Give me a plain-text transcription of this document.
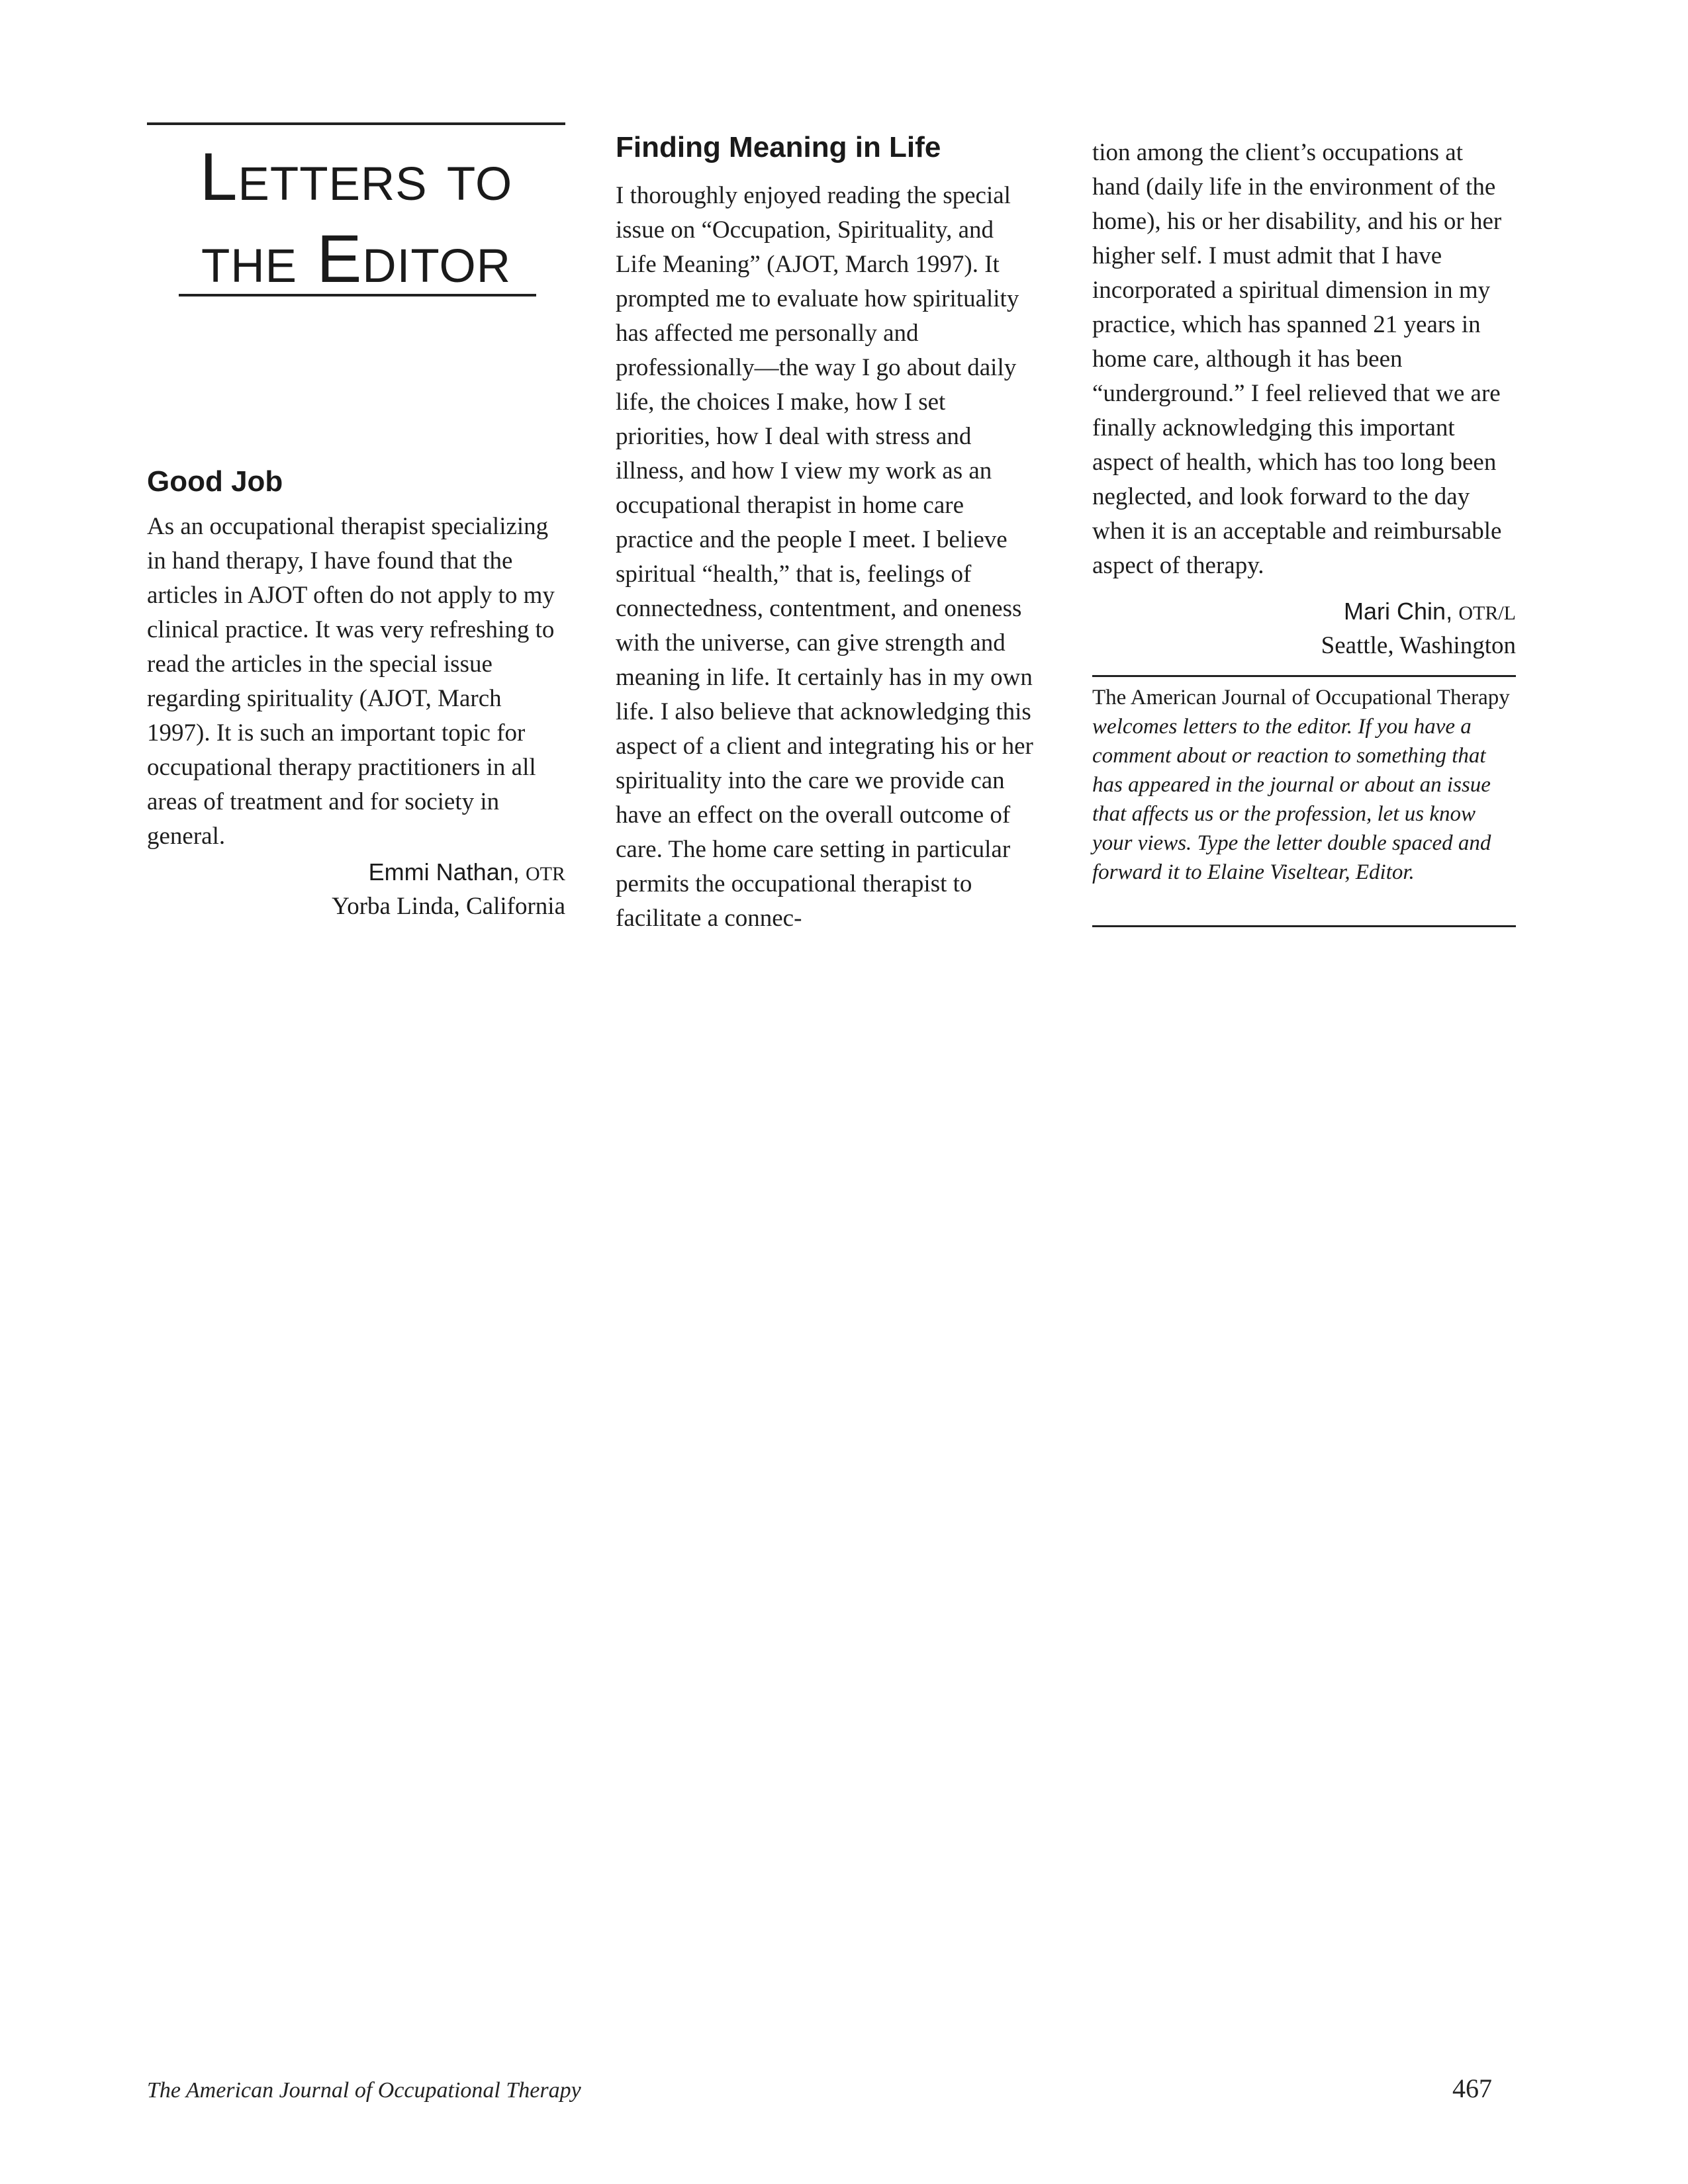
Letters to the Editor
Good Job

As an occupational therapist specializing in hand therapy, I have found that the articles in AJOT often do not apply to my clinical practice. It was very refreshing to read the articles in the special issue regarding spirituality (AJOT, March 1997). It is such an important topic for occupational therapy practitioners in all areas of treatment and for society in general.

Emmi Nathan, OTR
Yorba Linda, California
Finding Meaning in Life

I thoroughly enjoyed reading the special issue on “Occupation, Spirituality, and Life Meaning” (AJOT, March 1997). It prompted me to evaluate how spirituality has affected me personally and professionally—the way I go about daily life, the choices I make, how I set priorities, how I deal with stress and illness, and how I view my work as an occupational therapist in home care practice and the people I meet. I believe spiritual “health,” that is, feelings of connectedness, contentment, and oneness with the universe, can give strength and meaning in life. It certainly has in my own life. I also believe that acknowledging this aspect of a client and integrating his or her spirituality into the care we provide can have an effect on the overall outcome of care. The home care setting in particular permits the occupational therapist to facilitate a connec-

tion among the client’s occupations at hand (daily life in the environment of the home), his or her disability, and his or her higher self. I must admit that I have incorporated a spiritual dimension in my practice, which has spanned 21 years in home care, although it has been “underground.” I feel relieved that we are finally acknowledging this important aspect of health, which has too long been neglected, and look forward to the day when it is an acceptable and reimbursable aspect of therapy.

Mari Chin, OTR/L
Seattle, Washington

The American Journal of Occupational Therapy welcomes letters to the editor. If you have a comment about or reaction to something that has appeared in the journal or about an issue that affects us or the profession, let us know your views. Type the letter double spaced and forward it to Elaine Viseltear, Editor.

The American Journal of Occupational Therapy	467
